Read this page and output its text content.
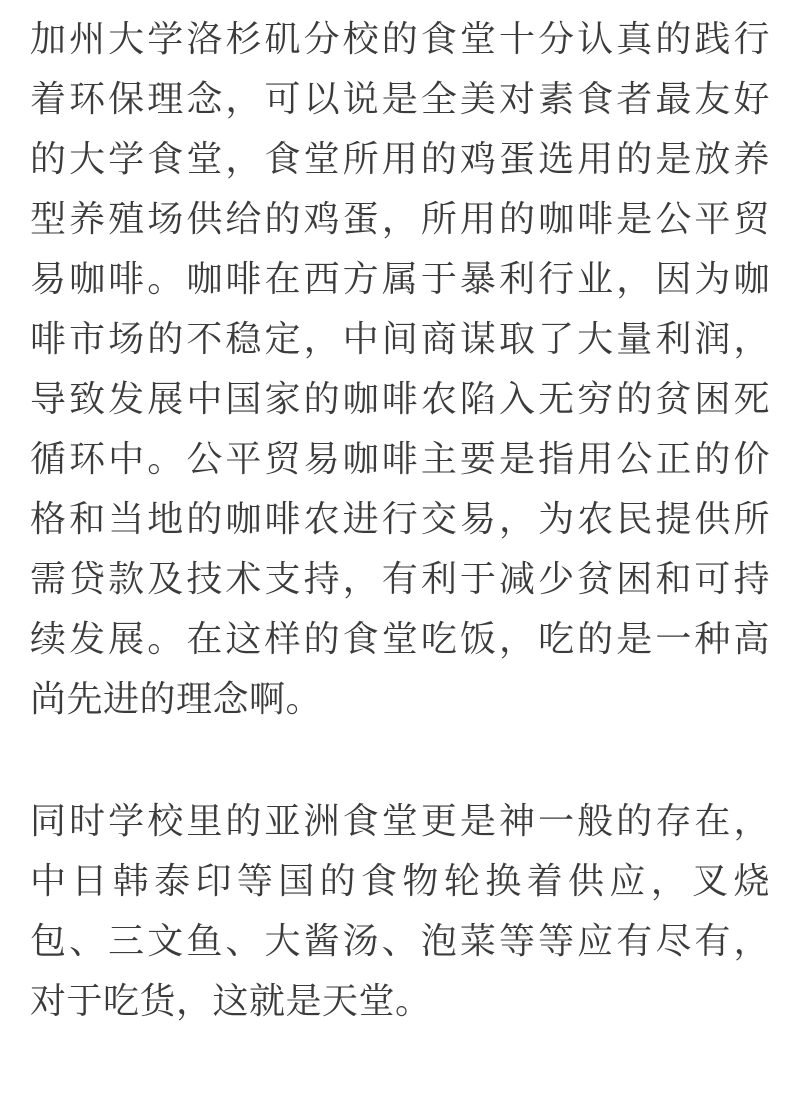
加州大学洛杉矶分校的食堂十分认真的践行
着环保理念，可以说是全美对素食者最友好
的大学食堂，食堂所用的鸡蛋选用的是放养
型养殖场供给的鸡蛋，所用的咖啡是公平贸
易咖啡。咖啡在西方属于暴利行业，因为咖
啡市场的不稳定，中间商谋取了大量利润，
导致发展中国家的咖啡农陷入无穷的贫困死
循环中。公平贸易咖啡主要是指用公正的价
格和当地的咖啡农进行交易，为农民提供所
需贷款及技术支持，有利于减少贫困和可持
续发展。在这样的食堂吃饭，吃的是一种高
尚先进的理念啊。
同时学校里的亚洲食堂更是神一般的存在，
中日韩泰印等国的食物轮换着供应，叉烧
包、三文鱼、大酱汤、泡菜等等应有尽有，
对于吃货，这就是天堂。
